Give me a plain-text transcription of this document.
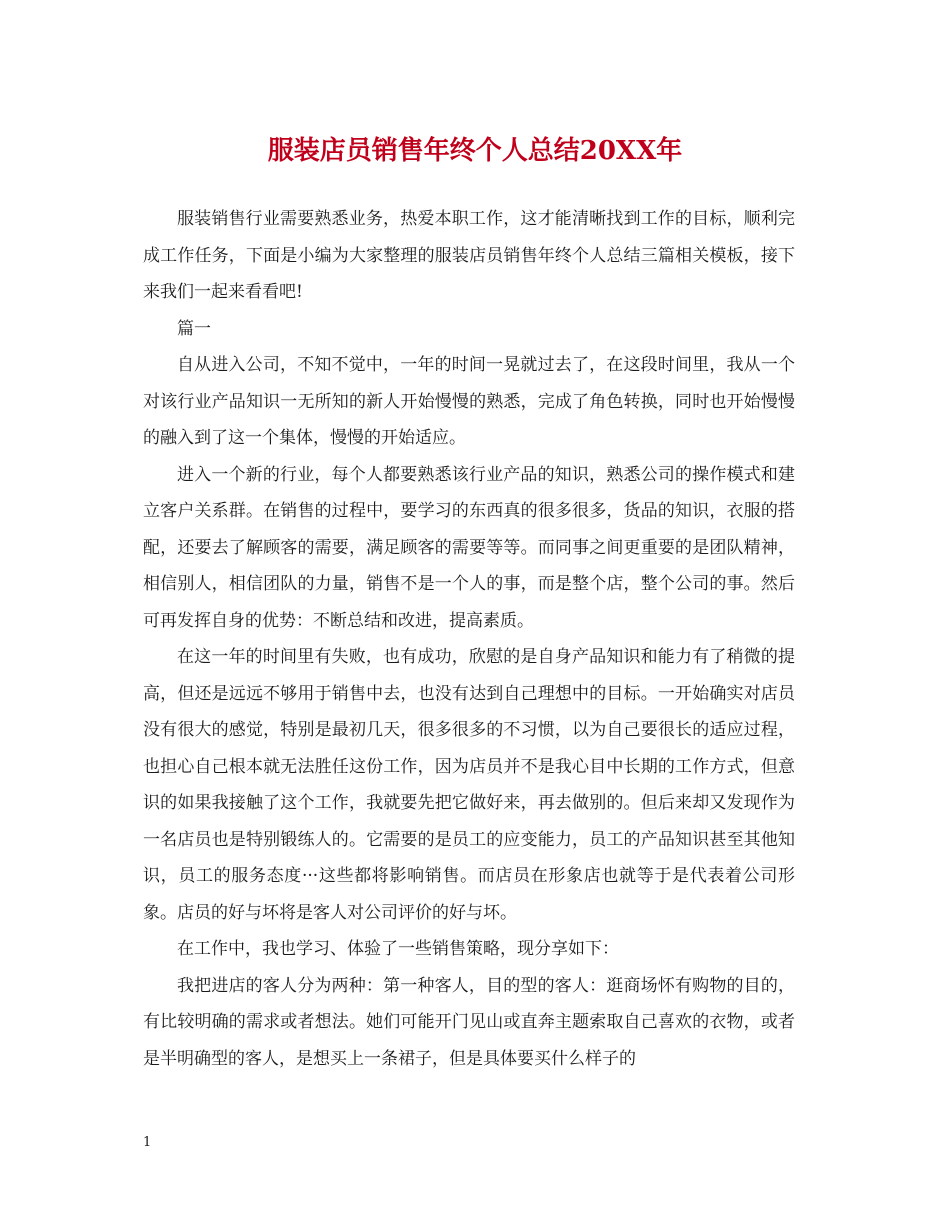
服装店员销售年终个人总结20XX年

服装销售行业需要熟悉业务，热爱本职工作，这才能清晰找到工作的目标，顺利完成工作任务，下面是小编为大家整理的服装店员销售年终个人总结三篇相关模板，接下来我们一起来看看吧!

篇一

自从进入公司，不知不觉中，一年的时间一晃就过去了，在这段时间里，我从一个对该行业产品知识一无所知的新人开始慢慢的熟悉，完成了角色转换，同时也开始慢慢的融入到了这一个集体，慢慢的开始适应。

进入一个新的行业，每个人都要熟悉该行业产品的知识，熟悉公司的操作模式和建立客户关系群。在销售的过程中，要学习的东西真的很多很多，货品的知识，衣服的搭配，还要去了解顾客的需要，满足顾客的需要等等。而同事之间更重要的是团队精神，相信别人，相信团队的力量，销售不是一个人的事，而是整个店，整个公司的事。然后可再发挥自身的优势：不断总结和改进，提高素质。

在这一年的时间里有失败，也有成功，欣慰的是自身产品知识和能力有了稍微的提高，但还是远远不够用于销售中去，也没有达到自己理想中的目标。一开始确实对店员没有很大的感觉，特别是最初几天，很多很多的不习惯，以为自己要很长的适应过程，也担心自己根本就无法胜任这份工作，因为店员并不是我心目中长期的工作方式，但意识的如果我接触了这个工作，我就要先把它做好来，再去做别的。但后来却又发现作为一名店员也是特别锻练人的。它需要的是员工的应变能力，员工的产品知识甚至其他知识，员工的服务态度···这些都将影响销售。而店员在形象店也就等于是代表着公司形象。店员的好与坏将是客人对公司评价的好与坏。

在工作中，我也学习、体验了一些销售策略，现分享如下：

我把进店的客人分为两种：第一种客人，目的型的客人：逛商场怀有购物的目的，有比较明确的需求或者想法。她们可能开门见山或直奔主题索取自己喜欢的衣物，或者是半明确型的客人，是想买上一条裙子，但是具体要买什么样子的

1
